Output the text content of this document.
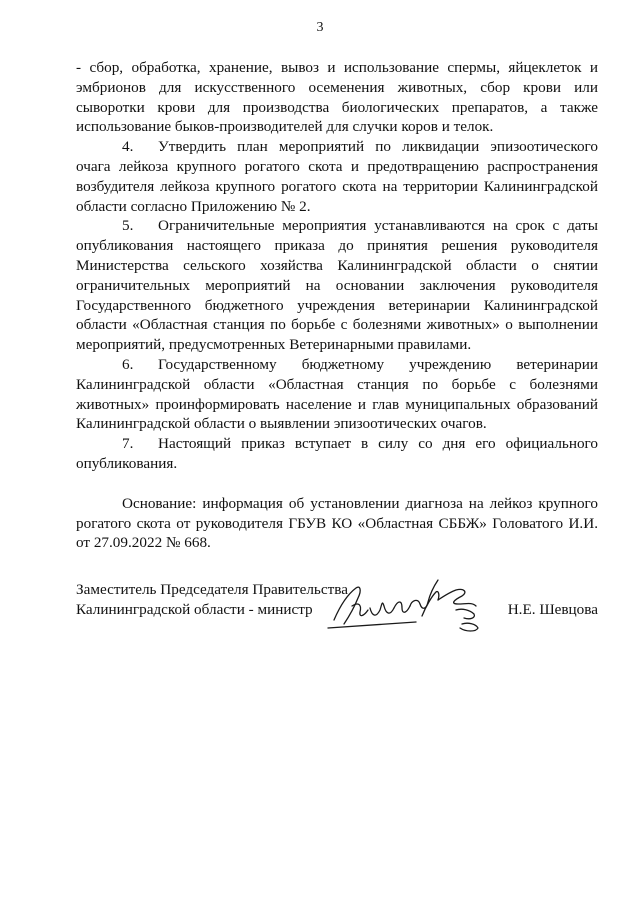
3

- сбор, обработка, хранение, вывоз и использование спермы, яйцеклеток и эмбрионов для искусственного осеменения животных, сбор крови или сыворотки крови для производства биологических препаратов, а также использование быков-производителей для случки коров и телок.

4. Утвердить план мероприятий по ликвидации эпизоотического очага лейкоза крупного рогатого скота и предотвращению распространения возбудителя лейкоза крупного рогатого скота на территории Калининградской области согласно Приложению № 2.

5. Ограничительные мероприятия устанавливаются на срок с даты опубликования настоящего приказа до принятия решения руководителя Министерства сельского хозяйства Калининградской области о снятии ограничительных мероприятий на основании заключения руководителя Государственного бюджетного учреждения ветеринарии Калининградской области «Областная станция по борьбе с болезнями животных» о выполнении мероприятий, предусмотренных Ветеринарными правилами.

6. Государственному бюджетному учреждению ветеринарии Калининградской области «Областная станция по борьбе с болезнями животных» проинформировать население и глав муниципальных образований Калининградской области о выявлении эпизоотических очагов.

7. Настоящий приказ вступает в силу со дня его официального опубликования.

Основание: информация об установлении диагноза на лейкоз крупного рогатого скота от руководителя ГБУВ КО «Областная СББЖ» Головатого И.И. от 27.09.2022 № 668.

Заместитель Председателя Правительства
Калининградской области - министр	Н.Е. Шевцова
